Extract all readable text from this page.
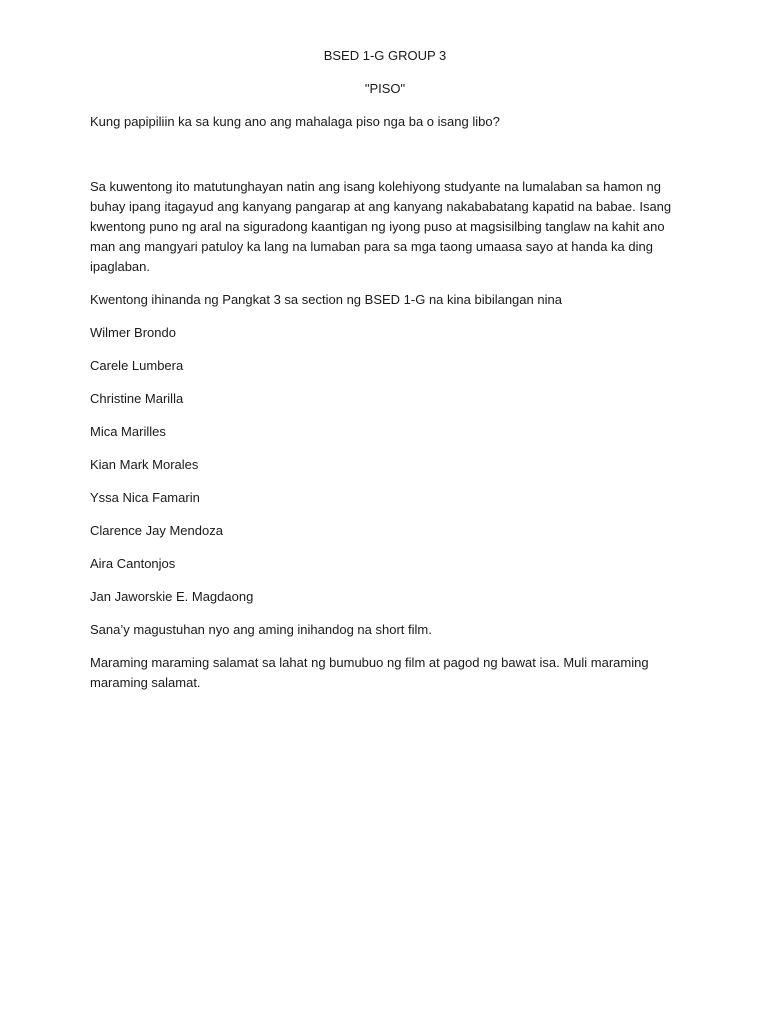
BSED 1-G GROUP 3

"PISO"

Kung papipiliin ka sa kung ano ang mahalaga piso nga ba o isang libo?

Sa kuwentong ito matutunghayan natin ang isang kolehiyong studyante na lumalaban sa hamon ng buhay ipang itagayud ang kanyang pangarap at ang kanyang nakababatang kapatid na babae. Isang kwentong puno ng aral na siguradong kaantigan ng iyong puso at magsisilbing tanglaw na kahit ano man ang mangyari patuloy ka lang na lumaban para sa mga taong umaasa sayo at handa ka ding ipaglaban.

Kwentong ihinanda ng Pangkat 3 sa section ng BSED 1-G na kina bibilangan nina

Wilmer Brondo
Carele Lumbera
Christine Marilla
Mica Marilles
Kian Mark Morales
Yssa Nica Famarin
Clarence Jay Mendoza
Aira Cantonjos
Jan Jaworskie E. Magdaong

Sana’y magustuhan nyo ang aming inihandog na short film.

Maraming maraming salamat sa lahat ng bumubuo ng film at pagod ng bawat isa. Muli maraming maraming salamat.
